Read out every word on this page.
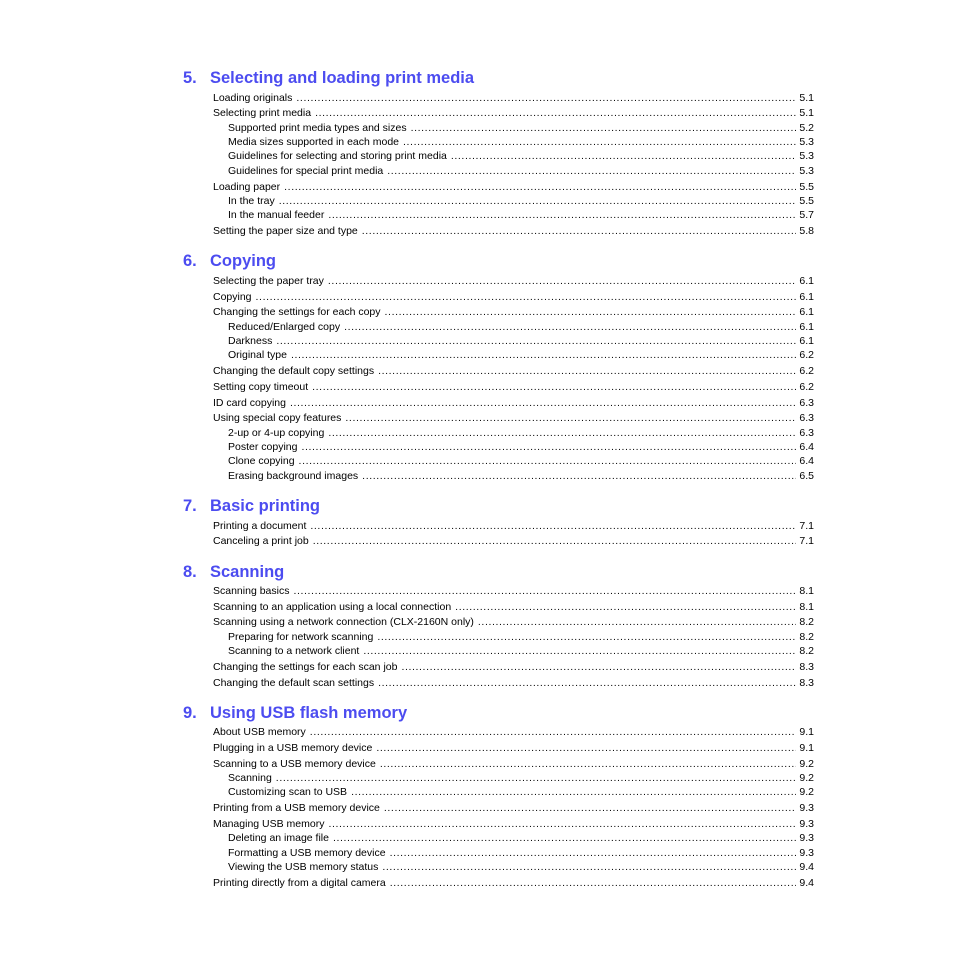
5. Selecting and loading print media
Loading originals .....	5.1
Selecting print media .....	5.1
Supported print media types and sizes .....	5.2
Media sizes supported in each mode .....	5.3
Guidelines for selecting and storing print media .....	5.3
Guidelines for special print media .....	5.3
Loading paper .....	5.5
In the tray .....	5.5
In the manual feeder .....	5.7
Setting the paper size and type .....	5.8
6. Copying
Selecting the paper tray .....	6.1
Copying .....	6.1
Changing the settings for each copy .....	6.1
Reduced/Enlarged copy .....	6.1
Darkness .....	6.1
Original type .....	6.2
Changing the default copy settings .....	6.2
Setting copy timeout .....	6.2
ID card copying .....	6.3
Using special copy features .....	6.3
2-up or 4-up copying .....	6.3
Poster copying .....	6.4
Clone copying .....	6.4
Erasing background images .....	6.5
7. Basic printing
Printing a document .....	7.1
Canceling a print job .....	7.1
8. Scanning
Scanning basics .....	8.1
Scanning to an application using a local connection .....	8.1
Scanning using a network connection (CLX-2160N only) .....	8.2
Preparing for network scanning .....	8.2
Scanning to a network client .....	8.2
Changing the settings for each scan job .....	8.3
Changing the default scan settings .....	8.3
9. Using USB flash memory
About USB memory .....	9.1
Plugging in a USB memory device .....	9.1
Scanning to a USB memory device .....	9.2
Scanning .....	9.2
Customizing scan to USB .....	9.2
Printing from a USB memory device .....	9.3
Managing USB memory .....	9.3
Deleting an image file .....	9.3
Formatting a USB memory device .....	9.3
Viewing the USB memory status .....	9.4
Printing directly from a digital camera .....	9.4
